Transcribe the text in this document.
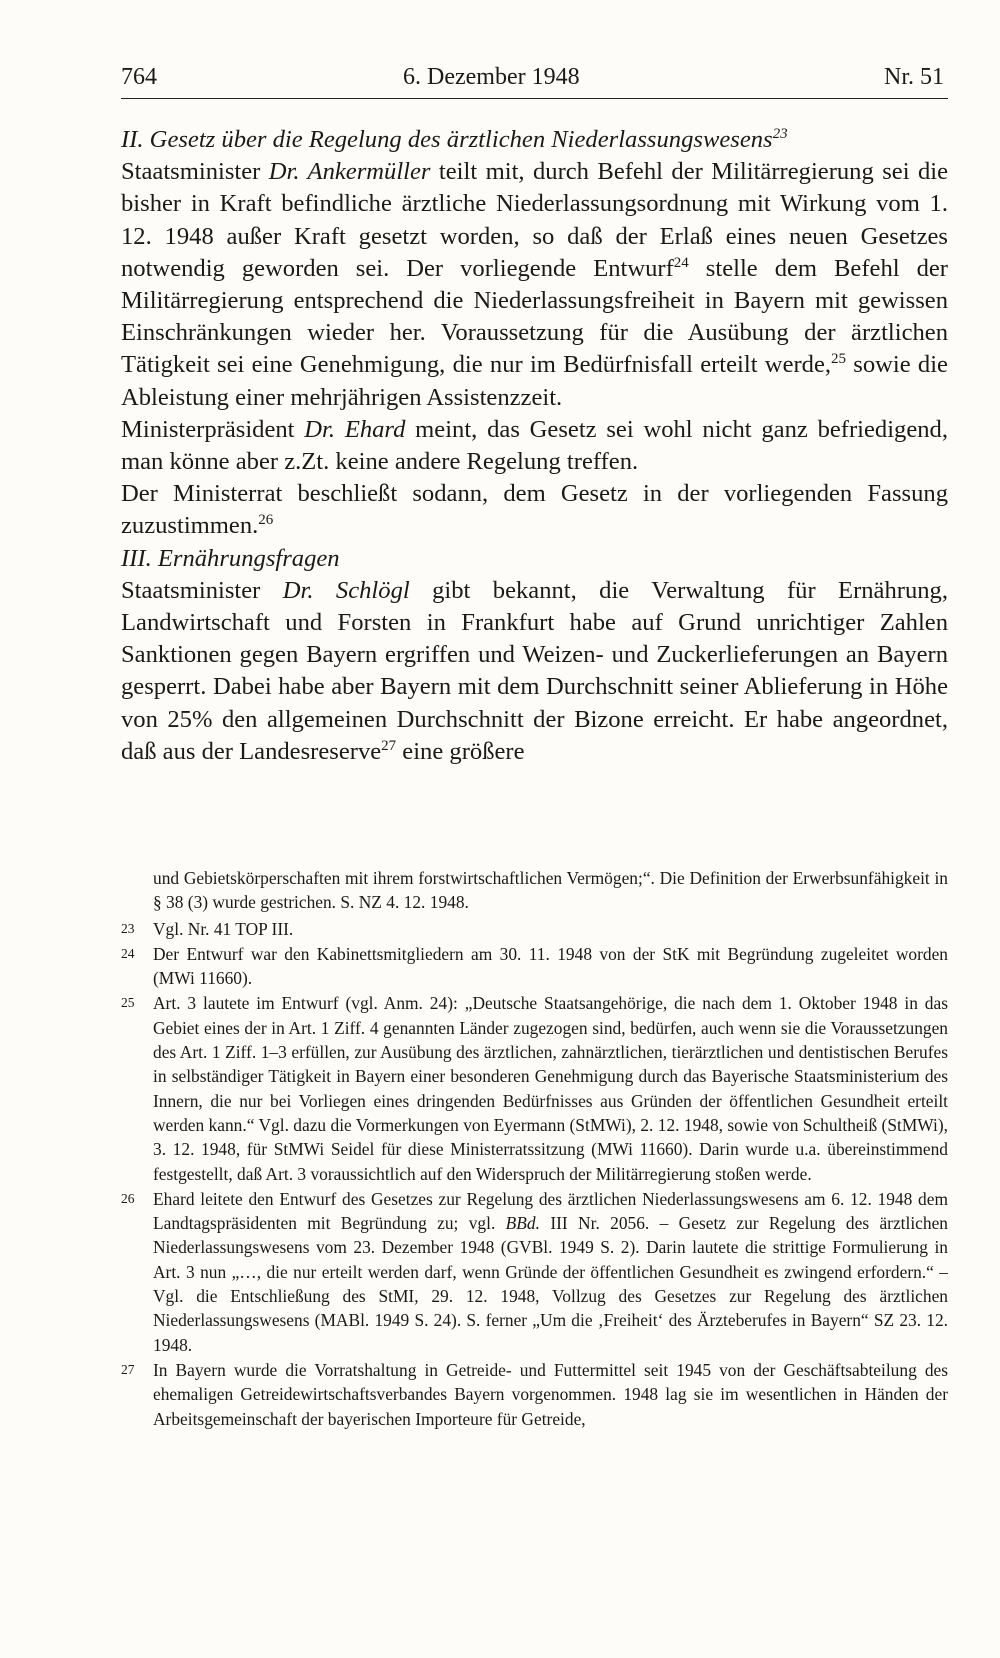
764	6. Dezember 1948	Nr. 51

II. Gesetz über die Regelung des ärztlichen Niederlassungswesens$^{23}$

Staatsminister Dr. Ankermüller teilt mit, durch Befehl der Militärregierung sei die bisher in Kraft befindliche ärztliche Niederlassungsordnung mit Wirkung vom 1. 12. 1948 außer Kraft gesetzt worden, so daß der Erlaß eines neuen Gesetzes notwendig geworden sei. Der vorliegende Entwurf$^{24}$ stelle dem Befehl der Militärregierung entsprechend die Niederlassungsfreiheit in Bayern mit gewissen Einschränkungen wieder her. Voraussetzung für die Ausübung der ärztlichen Tätigkeit sei eine Genehmigung, die nur im Bedürfnisfall erteilt werde,$^{25}$ sowie die Ableistung einer mehrjährigen Assistenzzeit.

Ministerpräsident Dr. Ehard meint, das Gesetz sei wohl nicht ganz befriedigend, man könne aber z.Zt. keine andere Regelung treffen.

Der Ministerrat beschließt sodann, dem Gesetz in der vorliegenden Fassung zuzustimmen.$^{26}$

III. Ernährungsfragen

Staatsminister Dr. Schlögl gibt bekannt, die Verwaltung für Ernährung, Landwirtschaft und Forsten in Frankfurt habe auf Grund unrichtiger Zahlen Sanktionen gegen Bayern ergriffen und Weizen- und Zuckerlieferungen an Bayern gesperrt. Dabei habe aber Bayern mit dem Durchschnitt seiner Ablieferung in Höhe von 25% den allgemeinen Durchschnitt der Bizone erreicht. Er habe angeordnet, daß aus der Landesreserve$^{27}$ eine größere

und Gebietskörperschaften mit ihrem forstwirtschaftlichen Vermögen;“. Die Definition der Erwerbsunfähigkeit in § 38 (3) wurde gestrichen. S. NZ 4. 12. 1948.

23 Vgl. Nr. 41 TOP III.

24 Der Entwurf war den Kabinettsmitgliedern am 30. 11. 1948 von der StK mit Begründung zugeleitet worden (MWi 11660).

25 Art. 3 lautete im Entwurf (vgl. Anm. 24): „Deutsche Staatsangehörige, die nach dem 1. Oktober 1948 in das Gebiet eines der in Art. 1 Ziff. 4 genannten Länder zugezogen sind, bedürfen, auch wenn sie die Voraussetzungen des Art. 1 Ziff. 1–3 erfüllen, zur Ausübung des ärztlichen, zahnärztlichen, tierärztlichen und dentistischen Berufes in selbständiger Tätigkeit in Bayern einer besonderen Genehmigung durch das Bayerische Staatsministerium des Innern, die nur bei Vorliegen eines dringenden Bedürfnisses aus Gründen der öffentlichen Gesundheit erteilt werden kann.“ Vgl. dazu die Vormerkungen von Eyermann (StMWi), 2. 12. 1948, sowie von Schultheiß (StMWi), 3. 12. 1948, für StMWi Seidel für diese Ministerratssitzung (MWi 11660). Darin wurde u.a. übereinstimmend festgestellt, daß Art. 3 voraussichtlich auf den Widerspruch der Militärregierung stoßen werde.

26 Ehard leitete den Entwurf des Gesetzes zur Regelung des ärztlichen Niederlassungswesens am 6. 12. 1948 dem Landtagspräsidenten mit Begründung zu; vgl. BBd. III Nr. 2056. – Gesetz zur Regelung des ärztlichen Niederlassungswesens vom 23. Dezember 1948 (GVBl. 1949 S. 2). Darin lautete die strittige Formulierung in Art. 3 nun „…, die nur erteilt werden darf, wenn Gründe der öffentlichen Gesundheit es zwingend erfordern.“ – Vgl. die Entschließung des StMI, 29. 12. 1948, Vollzug des Gesetzes zur Regelung des ärztlichen Niederlassungswesens (MABl. 1949 S. 24). S. ferner „Um die ‚Freiheit‘ des Ärzteberufes in Bayern“ SZ 23. 12. 1948.

27 In Bayern wurde die Vorratshaltung in Getreide- und Futtermittel seit 1945 von der Geschäftsabteilung des ehemaligen Getreidewirtschaftsverbandes Bayern vorgenommen. 1948 lag sie im wesentlichen in Händen der Arbeitsgemeinschaft der bayerischen Importeure für Getreide,
